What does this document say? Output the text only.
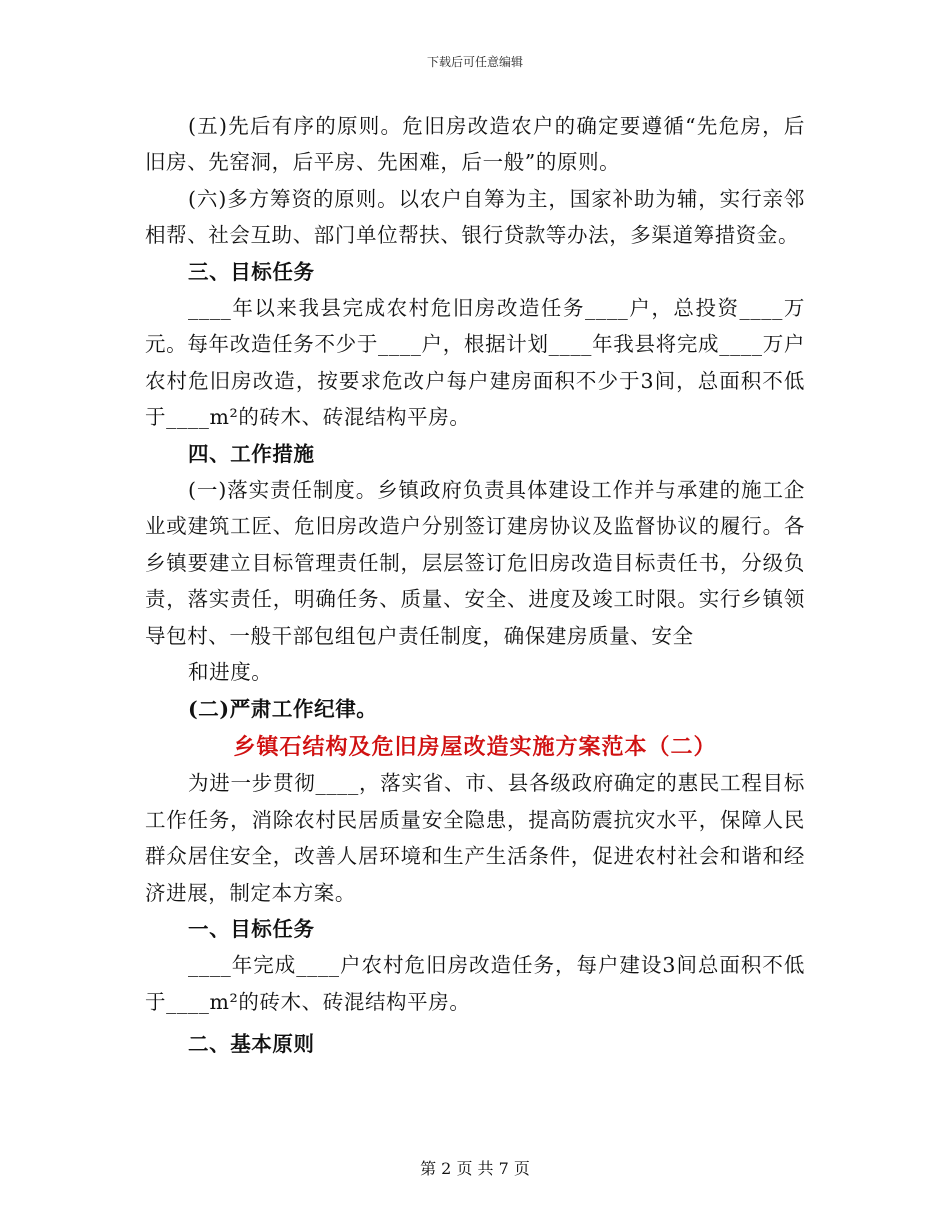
下载后可任意编辑

(五)先后有序的原则。危旧房改造农户的确定要遵循“先危房，后旧房、先窑洞，后平房、先困难，后一般”的原则。

(六)多方筹资的原则。以农户自筹为主，国家补助为辅，实行亲邻相帮、社会互助、部门单位帮扶、银行贷款等办法，多渠道筹措资金。

三、目标任务

____年以来我县完成农村危旧房改造任务____户，总投资____万元。每年改造任务不少于____户，根据计划____年我县将完成____万户农村危旧房改造，按要求危改户每户建房面积不少于3间，总面积不低于____m²的砖木、砖混结构平房。

四、工作措施

(一)落实责任制度。乡镇政府负责具体建设工作并与承建的施工企业或建筑工匠、危旧房改造户分别签订建房协议及监督协议的履行。各乡镇要建立目标管理责任制，层层签订危旧房改造目标责任书，分级负责，落实责任，明确任务、质量、安全、进度及竣工时限。实行乡镇领导包村、一般干部包组包户责任制度，确保建房质量、安全

和进度。

(二)严肃工作纪律。

乡镇石结构及危旧房屋改造实施方案范本（二）

为进一步贯彻____，落实省、市、县各级政府确定的惠民工程目标工作任务，消除农村民居质量安全隐患，提高防震抗灾水平，保障人民群众居住安全，改善人居环境和生产生活条件，促进农村社会和谐和经济进展，制定本方案。

一、目标任务

____年完成____户农村危旧房改造任务，每户建设3间总面积不低于____m²的砖木、砖混结构平房。

二、基本原则

第 2 页 共 7 页
